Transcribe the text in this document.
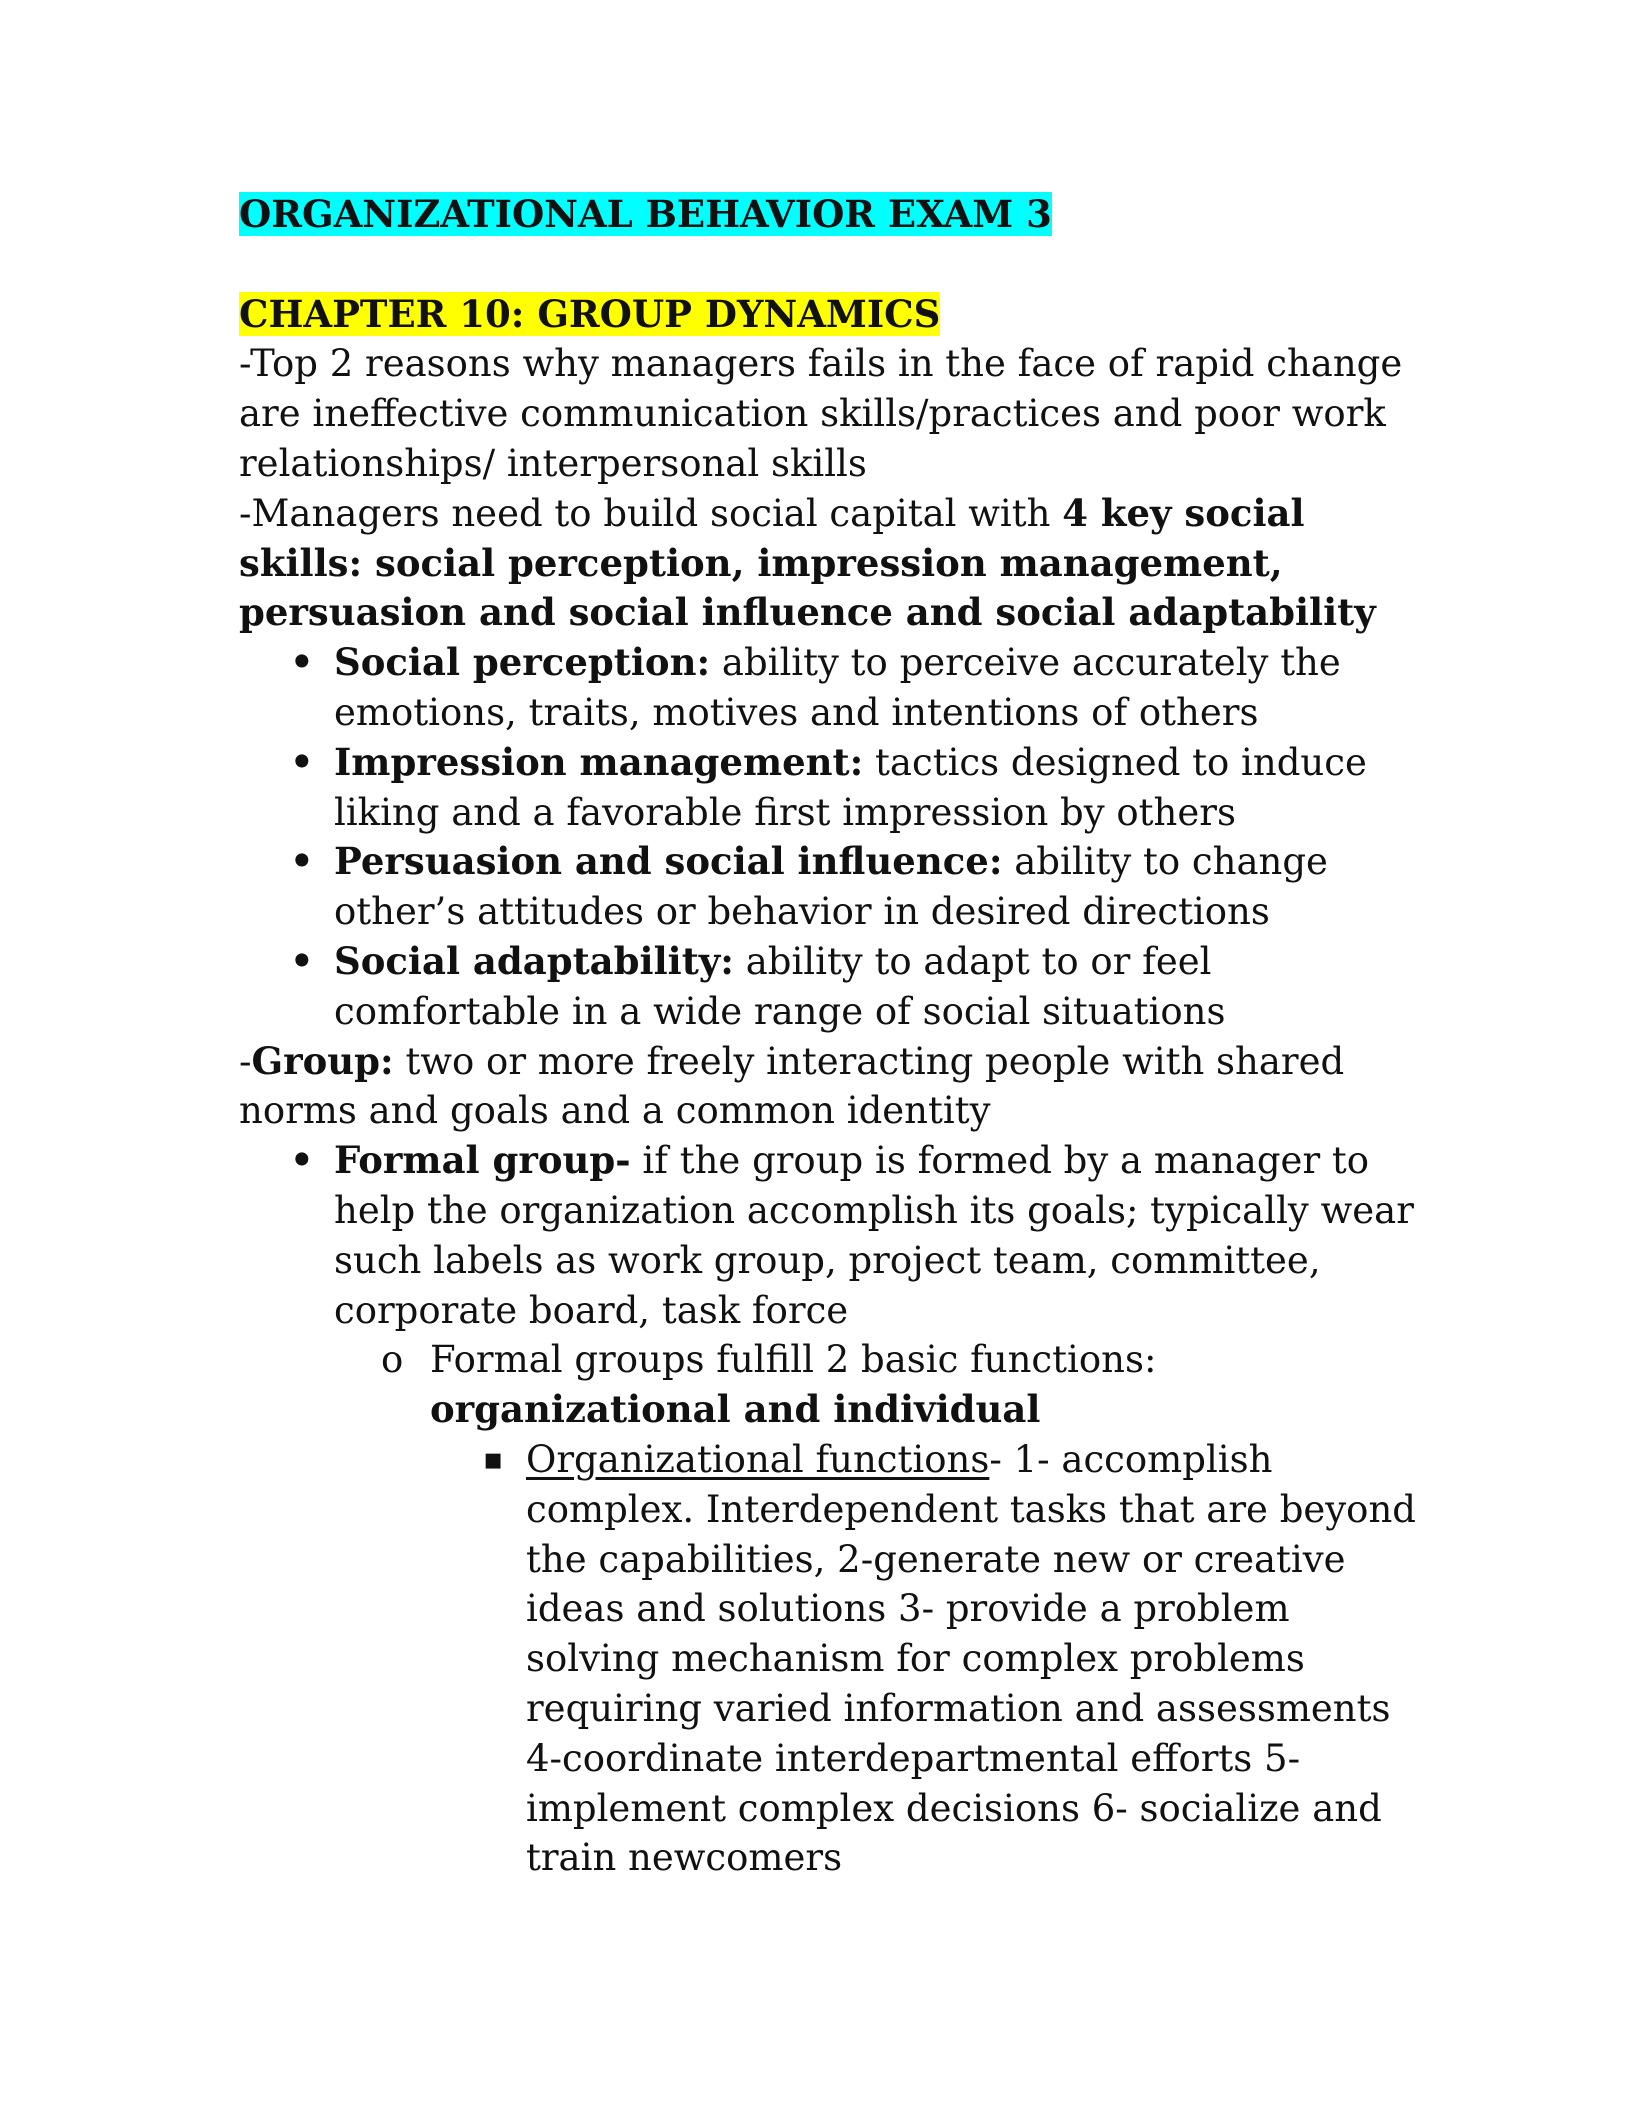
ORGANIZATIONAL BEHAVIOR EXAM 3

CHAPTER 10: GROUP DYNAMICS

-Top 2 reasons why managers fails in the face of rapid change are ineffective communication skills/practices and poor work relationships/ interpersonal skills

-Managers need to build social capital with 4 key social skills: social perception, impression management, persuasion and social influence and social adaptability

• Social perception: ability to perceive accurately the emotions, traits, motives and intentions of others
• Impression management: tactics designed to induce liking and a favorable first impression by others
• Persuasion and social influence: ability to change other’s attitudes or behavior in desired directions
• Social adaptability: ability to adapt to or feel comfortable in a wide range of social situations

-Group: two or more freely interacting people with shared norms and goals and a common identity

• Formal group- if the group is formed by a manager to help the organization accomplish its goals; typically wear such labels as work group, project team, committee, corporate board, task force
o Formal groups fulfill 2 basic functions: organizational and individual
▪ Organizational functions- 1- accomplish complex. Interdependent tasks that are beyond the capabilities, 2-generate new or creative ideas and solutions 3- provide a problem solving mechanism for complex problems requiring varied information and assessments 4-coordinate interdepartmental efforts 5-implement complex decisions 6- socialize and train newcomers
